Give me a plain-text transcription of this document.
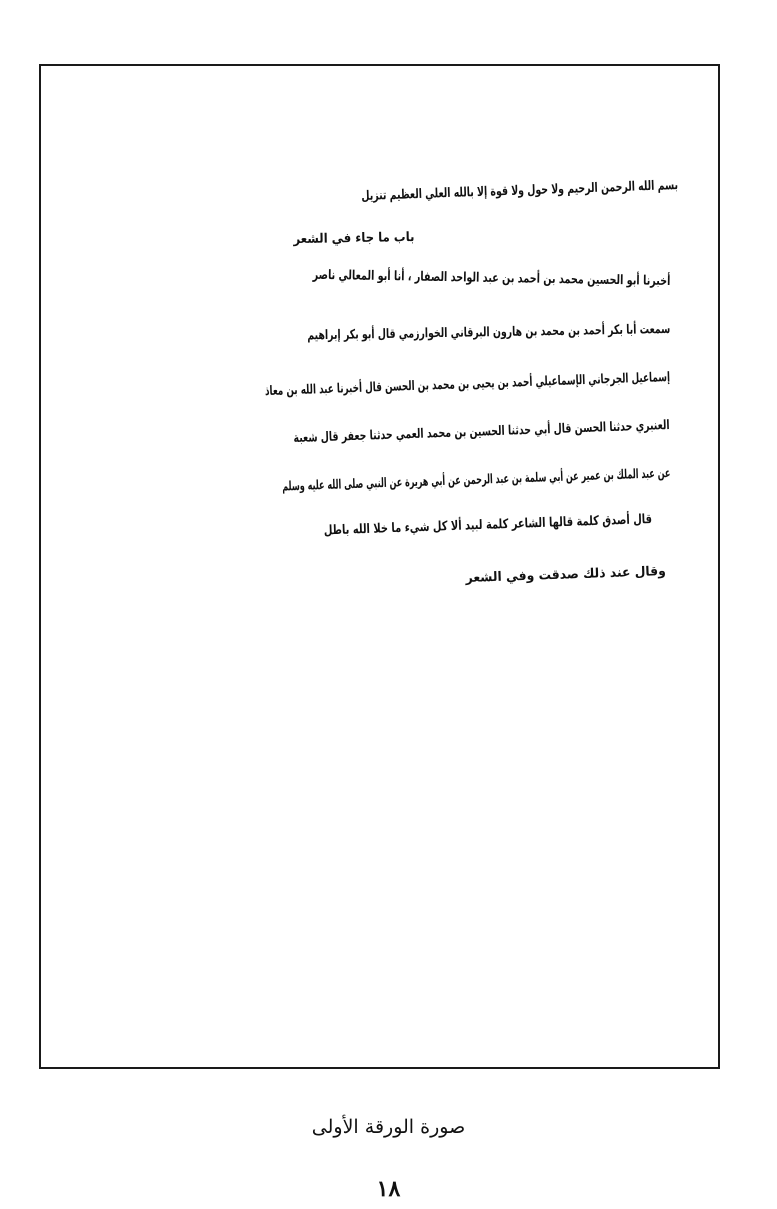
بسم الله الرحمن الرحيم ولا حول ولا قوة إلا بالله العلي العظيم تنزيل
باب ما جاء في الشعر
أخبرنا أبو الحسين محمد بن أحمد بن عبد الواحد الصفار ، أنا أبو المعالي ناصر
سمعت أبا بكر أحمد بن محمد بن هارون البرقاني الخوارزمي قال أبو بكر إبراهيم
إسماعيل الجرجاني الإسماعيلي أحمد بن يحيى بن محمد بن الحسن قال أخبرنا عبد الله بن معاذ
العنبري حدثنا الحسن قال أبي حدثنا الحسين بن محمد العمي حدثنا جعفر قال شعبة
عن عبد الملك بن عمير عن أبي سلمة بن عبد الرحمن عن أبي هريرة عن النبي صلى الله عليه وسلم
قال أصدق كلمة قالها الشاعر كلمة لبيد ألا كل شيء ما خلا الله باطل
وقال عند ذلك صدقت وفي الشعر
صورة الورقة الأولى
١٨
